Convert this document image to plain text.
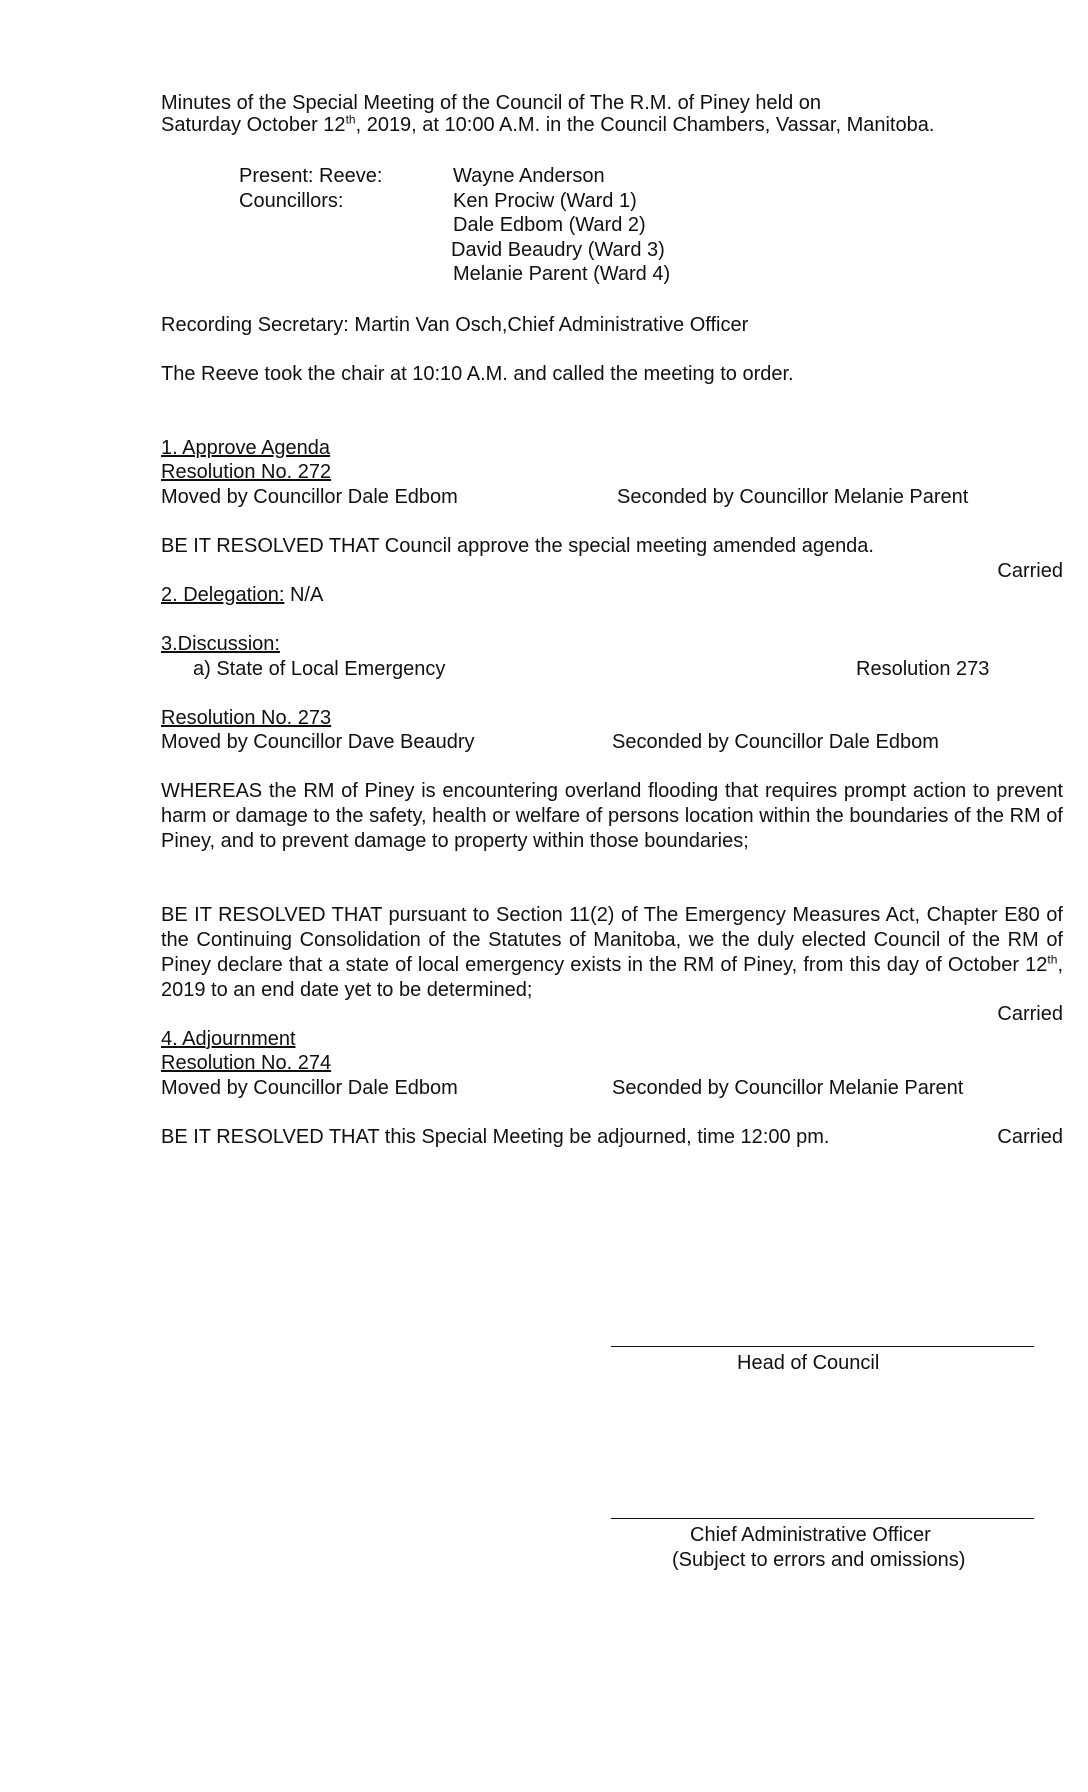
Minutes of the Special Meeting of the Council of The R.M. of Piney held on
Saturday October 12th, 2019, at 10:00 A.M. in the Council Chambers, Vassar, Manitoba.
Present: Reeve:	Wayne Anderson
Councillors:	Ken Prociw (Ward 1)
Dale Edbom (Ward 2)
David Beaudry (Ward 3)
Melanie Parent (Ward 4)
Recording Secretary: Martin Van Osch,Chief Administrative Officer
The Reeve took the chair at 10:10 A.M. and called the meeting to order.
1. Approve Agenda
Resolution No. 272
Moved by Councillor Dale Edbom	Seconded by Councillor Melanie Parent
BE IT RESOLVED THAT Council approve the special meeting amended agenda.
Carried
2. Delegation: N/A
3.Discussion:
a) State of Local Emergency	Resolution 273
Resolution No. 273
Moved by Councillor Dave Beaudry	Seconded by Councillor Dale Edbom
WHEREAS the RM of Piney is encountering overland flooding that requires prompt action to prevent harm or damage to the safety, health or welfare of persons location within the boundaries of the RM of Piney, and to prevent damage to property within those boundaries;
BE IT RESOLVED THAT pursuant to Section 11(2) of The Emergency Measures Act, Chapter E80 of the Continuing Consolidation of the Statutes of Manitoba, we the duly elected Council of the RM of Piney declare that a state of local emergency exists in the RM of Piney, from this day of October 12th, 2019 to an end date yet to be determined;
Carried
4. Adjournment
Resolution No. 274
Moved by Councillor Dale Edbom	Seconded by Councillor Melanie Parent
BE IT RESOLVED THAT this Special Meeting be adjourned, time 12:00 pm.	Carried
Head of Council
Chief Administrative Officer
(Subject to errors and omissions)
